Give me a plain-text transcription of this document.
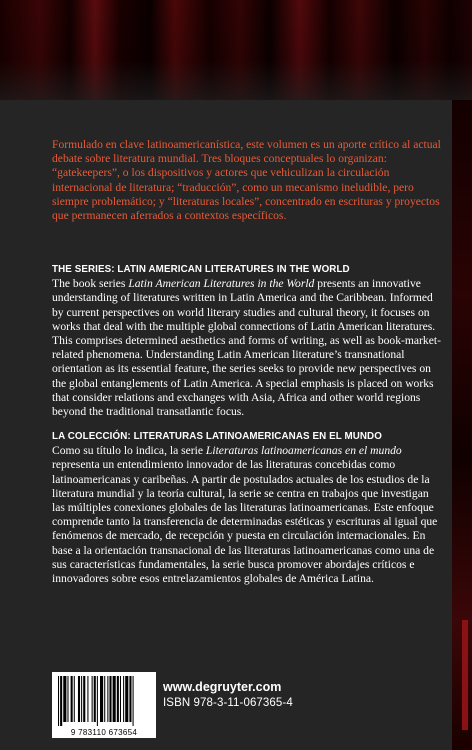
Formulado en clave latinoamericanística, este volumen es un aporte crítico al actual debate sobre literatura mundial. Tres bloques conceptuales lo organizan: “gatekeepers”, o los dispositivos y actores que vehiculizan la circulación internacional de literatura; “traducción”, como un mecanismo ineludible, pero siempre problemático; y “literaturas locales”, concentrado en escrituras y proyectos que permanecen aferrados a contextos específicos.

THE SERIES: LATIN AMERICAN LITERATURES IN THE WORLD

The book series Latin American Literatures in the World presents an innovative understanding of literatures written in Latin America and the Caribbean. Informed by current perspectives on world literary studies and cultural theory, it focuses on works that deal with the multiple global connections of Latin American literatures. This comprises determined aesthetics and forms of writing, as well as book-market-related phenomena. Understanding Latin American literature’s transnational orientation as its essential feature, the series seeks to provide new perspectives on the global entanglements of Latin America. A special emphasis is placed on works that consider relations and exchanges with Asia, Africa and other world regions beyond the traditional transatlantic focus.

LA COLECCIÓN: LITERATURAS LATINOAMERICANAS EN EL MUNDO

Como su título lo indica, la serie Literaturas latinoamericanas en el mundo representa un entendimiento innovador de las literaturas concebidas como latinoamericanas y caribeñas. A partir de postulados actuales de los estudios de la literatura mundial y la teoría cultural, la serie se centra en trabajos que investigan las múltiples conexiones globales de las literaturas latinoamericanas. Este enfoque comprende tanto la transferencia de determinadas estéticas y escrituras al igual que fenómenos de mercado, de recepción y puesta en circulación internacionales. En base a la orientación transnacional de las literaturas latinoamericanas como una de sus características fundamentales, la serie busca promover abordajes críticos e innovadores sobre esos entrelazamientos globales de América Latina.

9 783110 673654
www.degruyter.com
ISBN 978-3-11-067365-4
